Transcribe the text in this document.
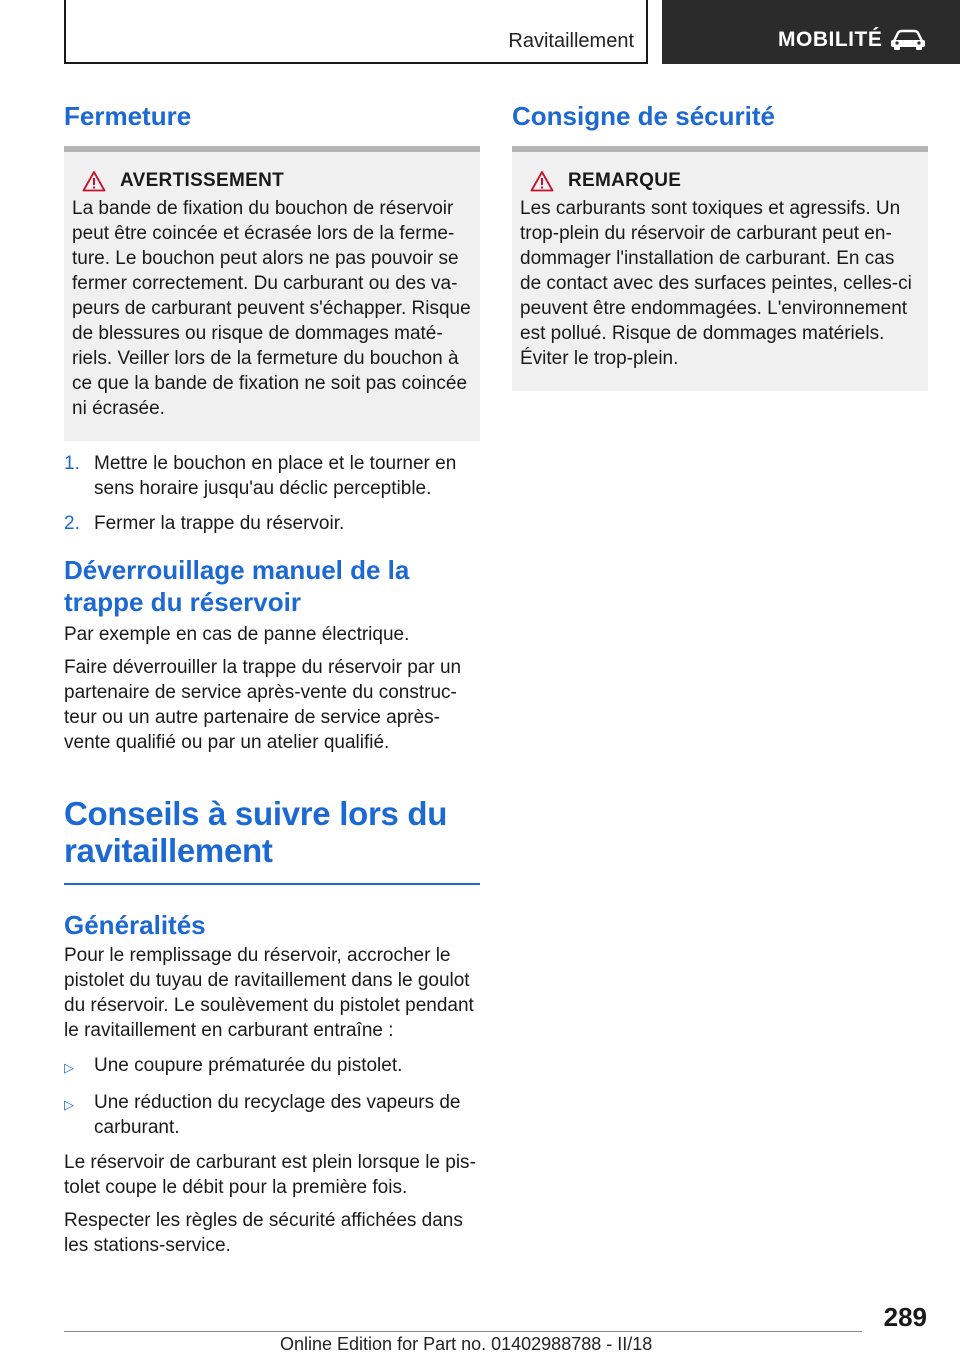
Ravitaillement	MOBILITÉ
Fermeture
AVERTISSEMENT

La bande de fixation du bouchon de réservoir peut être coincée et écrasée lors de la fermeture. Le bouchon peut alors ne pas pouvoir se fermer correctement. Du carburant ou des vapeurs de carburant peuvent s'échapper. Risque de blessures ou risque de dommages matériels. Veiller lors de la fermeture du bouchon à ce que la bande de fixation ne soit pas coincée ni écrasée.

1. Mettre le bouchon en place et le tourner en sens horaire jusqu'au déclic perceptible.
2. Fermer la trappe du réservoir.
Déverrouillage manuel de la trappe du réservoir

Par exemple en cas de panne électrique.

Faire déverrouiller la trappe du réservoir par un partenaire de service après-vente du constructeur ou un autre partenaire de service après-vente qualifié ou par un atelier qualifié.

Conseils à suivre lors du ravitaillement
Généralités

Pour le remplissage du réservoir, accrocher le pistolet du tuyau de ravitaillement dans le goulot du réservoir. Le soulèvement du pistolet pendant le ravitaillement en carburant entraîne :

▷	Une coupure prématurée du pistolet.
▷	Une réduction du recyclage des vapeurs de carburant.

Le réservoir de carburant est plein lorsque le pistolet coupe le débit pour la première fois.

Respecter les règles de sécurité affichées dans les stations-service.

Consigne de sécurité
REMARQUE

Les carburants sont toxiques et agressifs. Un trop-plein du réservoir de carburant peut endommager l'installation de carburant. En cas de contact avec des surfaces peintes, celles-ci peuvent être endommagées. L'environnement est pollué. Risque de dommages matériels. Éviter le trop-plein.

289
Online Edition for Part no. 01402988788 - II/18
